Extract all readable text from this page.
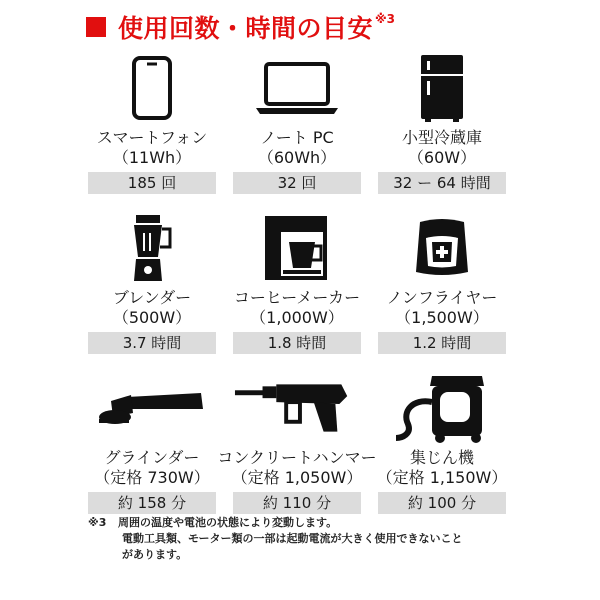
使用回数・時間の目安 ※3
スマートフォン
（11Wh）
185 回
ノート PC
（60Wh）
32 回
小型冷蔵庫
（60W）
32 ー 64 時間
ブレンダー
（500W）
3.7 時間
コーヒーメーカー
（1,000W）
1.8 時間
ノンフライヤー
（1,500W）
1.2 時間
グラインダー
（定格 730W）
約 158 分
コンクリートハンマー
（定格 1,050W）
約 110 分
集じん機
（定格 1,150W）
約 100 分
※3 周囲の温度や電池の状態により変動します。
電動工具類、モーター類の一部は起動電流が大きく使用できないこと
があります。
